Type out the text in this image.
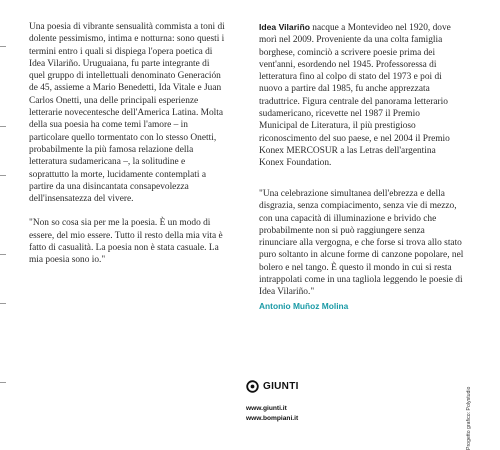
Una poesia di vibrante sensualità commista a toni di dolente pessimismo, intima e notturna: sono questi i termini entro i quali si dispiega l'opera poetica di Idea Vilariño. Uruguaiana, fu parte integrante di quel gruppo di intellettuali denominato Generación de 45, assieme a Mario Benedetti, Ida Vitale e Juan Carlos Onetti, una delle principali esperienze letterarie novecentesche dell'America Latina. Molta della sua poesia ha come temi l'amore – in particolare quello tormentato con lo stesso Onetti, probabilmente la più famosa relazione della letteratura sudamericana –, la solitudine e soprattutto la morte, lucidamente contemplati a partire da una disincantata consapevolezza dell'insensatezza del vivere.

"Non so cosa sia per me la poesia. È un modo di essere, del mio essere. Tutto il resto della mia vita è fatto di casualità. La poesia non è stata casuale. La mia poesia sono io."

Idea Vilariño nacque a Montevideo nel 1920, dove morì nel 2009. Proveniente da una colta famiglia borghese, cominciò a scrivere poesie prima dei vent'anni, esordendo nel 1945. Professoressa di letteratura fino al colpo di stato del 1973 e poi di nuovo a partire dal 1985, fu anche apprezzata traduttrice. Figura centrale del panorama letterario sudamericano, ricevette nel 1987 il Premio Municipal de Literatura, il più prestigioso riconoscimento del suo paese, e nel 2004 il Premio Konex MERCOSUR a las Letras dell'argentina Konex Foundation.

"Una celebrazione simultanea dell'ebrezza e della disgrazia, senza compiacimento, senza vie di mezzo, con una capacità di illuminazione e brivido che probabilmente non si può raggiungere senza rinunciare alla vergogna, e che forse si trova allo stato puro soltanto in alcune forme di canzone popolare, nel bolero e nel tango. È questo il mondo in cui si resta intrappolati come in una tagliola leggendo le poesie di Idea Vilariño."

Antonio Muñoz Molina

GIUNTI
www.giunti.it
www.bompiani.it	Progetto grafico: Polystudio
